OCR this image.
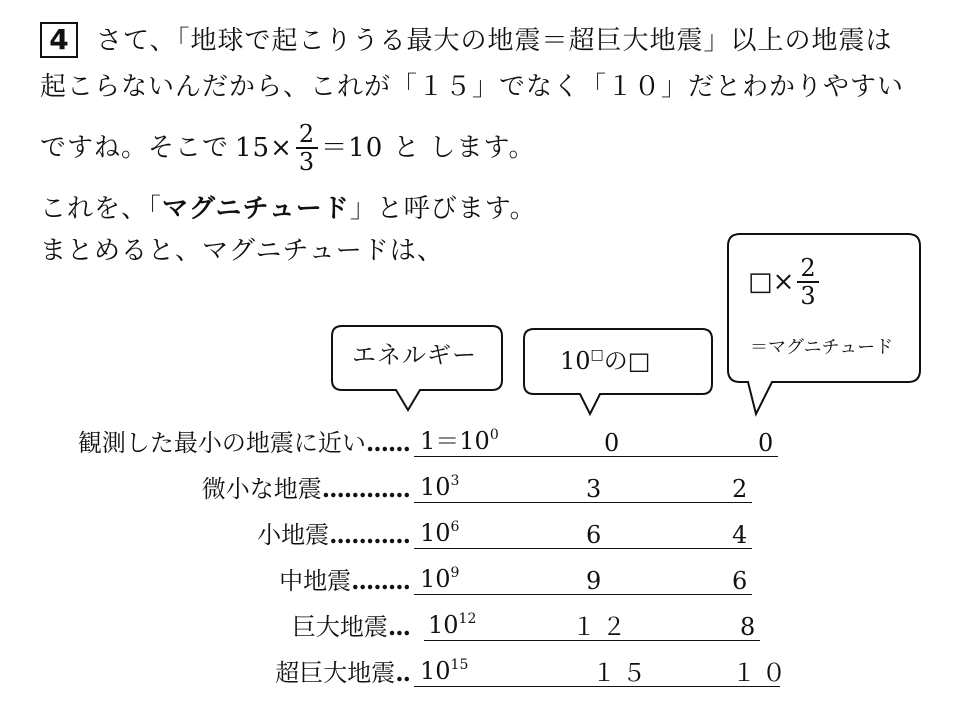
4	さて、「地球で起こりうる最大の地震＝超巨大地震」以上の地震は
起こらないんだから、これが「１５」でなく「１０」だとわかりやすい
ですね。そこで $15\times \frac{2}{3} =10$ と します。
これを、「マグニチュード」と呼びます。
まとめると、マグニチュードは、
エネルギー	10□の□
□× $\frac{2}{3}$
＝マグニチュード
観測した最小の地震に近い...... $1=10^0$	0	0
微小な地震............ $10^3$	3	2
小地震........... $10^6$	6	4
中地震........ $10^9$	9	6
巨大地震... $10^{12}$	１２	8
超巨大地震.. $10^{15}$	１５	１０
